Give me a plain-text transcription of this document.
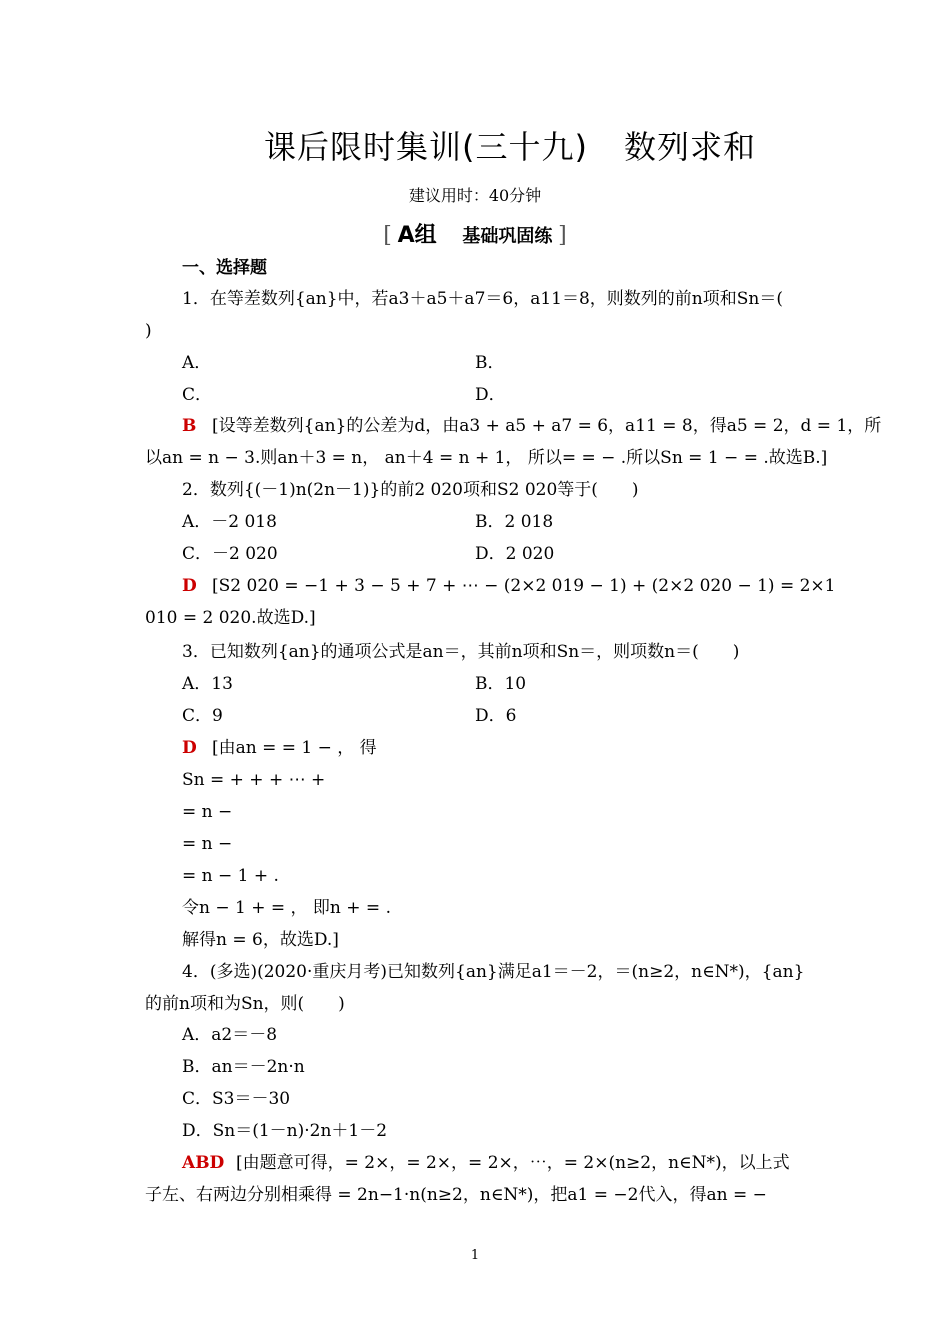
课后限时集训(三十九) 数列求和
建议用时：40分钟
[ A组 基础巩固练 ]
一、选择题
1．在等差数列{an}中，若a3＋a5＋a7＝6，a11＝8，则数列的前n项和Sn＝(
)
A．	B．
C．	D．
B [设等差数列{an}的公差为d，由a3 + a5 + a7 = 6，a11 = 8，得a5 = 2，d = 1，所
以an = n − 3.则an＋3 = n， an＋4 = n + 1， 所以= = − .所以Sn = 1 − = .故选B.]
2．数列{(－1)n(2n－1)}的前2 020项和S2 020等于(　　)
A．－2 018	B．2 018
C．－2 020	D．2 020
D [S2 020 = −1 + 3 − 5 + 7 + ⋯ − (2×2 019 − 1) + (2×2 020 − 1) = 2×1
010 = 2 020.故选D.]
3．已知数列{an}的通项公式是an＝，其前n项和Sn＝，则项数n＝(　　)
A．13	B．10
C．9	D．6
D [由an = = 1 − ， 得
Sn = + + + ⋯ +
= n −
= n −
= n − 1 + .
令n − 1 + = ， 即n + = .
解得n = 6，故选D.]
4．(多选)(2020·重庆月考)已知数列{an}满足a1＝－2，＝(n≥2，n∈N*)，{an}
的前n项和为Sn，则(　　)
A．a2＝－8
B．an＝－2n·n
C．S3＝－30
D．Sn＝(1－n)·2n＋1－2
ABD [由题意可得，= 2×，= 2×，= 2×，⋯，= 2×(n≥2，n∈N*)，以上式
子左、右两边分别相乘得 = 2n−1·n(n≥2，n∈N*)，把a1 = −2代入，得an = −
1
